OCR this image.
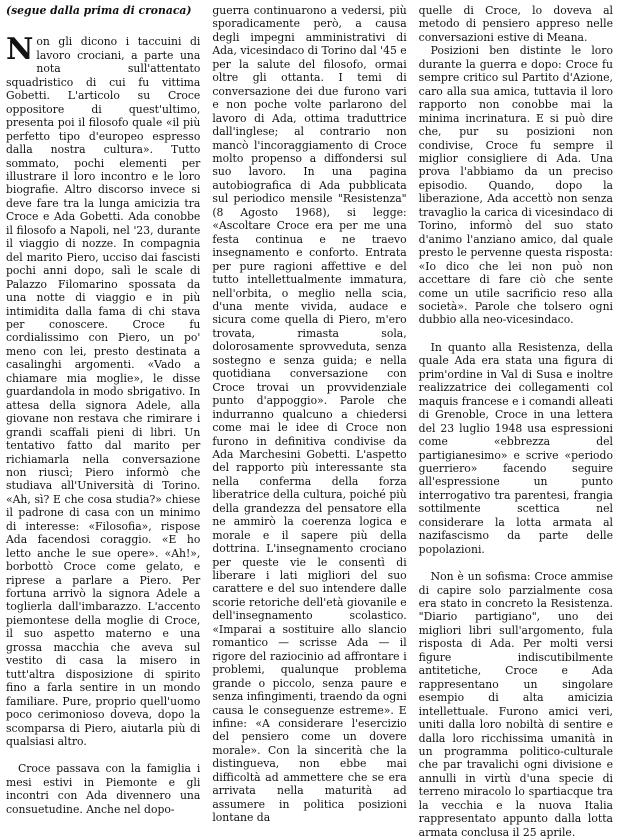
(segue dalla prima di cronaca)

Non gli dicono i taccuini di lavoro crociani, a parte una nota sull'attentato squadristico di cui fu vittima Gobetti. L'articolo su Croce oppositore di quest'ultimo, presenta poi il filosofo quale «il più perfetto tipo d'europeo espresso dalla nostra cultura». Tutto sommato, pochi elementi per illustrare il loro incontro e le loro biografie. Altro discorso invece si deve fare tra la lunga amicizia tra Croce e Ada Gobetti. Ada conobbe il filosofo a Napoli, nel '23, durante il viaggio di nozze. In compagnia del marito Piero, ucciso dai fascisti pochi anni dopo, salì le scale di Palazzo Filomarino spossata da una notte di viaggio e in più intimidita dalla fama di chi stava per conoscere. Croce fu cordialissimo con Piero, un po' meno con lei, presto destinata a casalinghi argomenti. «Vado a chiamare mia moglie», le disse guardandola in modo sbrigativo. In attesa della signora Adele, alla giovane non restava che rimirare i grandi scaffali pieni di libri. Un tentativo fatto dal marito per richiamarla nella conversazione non riuscì; Piero informò che studiava all'Università di Torino. «Ah, sì? E che cosa studia?» chiese il padrone di casa con un minimo di interesse: «Filosofia», rispose Ada facendosi coraggio. «E ho letto anche le sue opere». «Ah!», borbottò Croce come gelato, e riprese a parlare a Piero. Per fortuna arrivò la signora Adele a toglierla dall'imbarazzo. L'accento piemontese della moglie di Croce, il suo aspetto materno e una grossa macchia che aveva sul vestito di casa la misero in tutt'altra disposizione di spirito fino a farla sentire in un mondo familiare. Pure, proprio quell'uomo poco cerimonioso doveva, dopo la scomparsa di Piero, aiutarla più di qualsiasi altro.

Croce passava con la famiglia i mesi estivi in Piemonte e gli incontri con Ada divennero una consuetudine. Anche nel dopo-

guerra continuarono a vedersi, più sporadicamente però, a causa degli impegni amministrativi di Ada, vicesindaco di Torino dal '45 e per la salute del filosofo, ormai oltre gli ottanta. I temi di conversazione dei due furono vari e non poche volte parlarono del lavoro di Ada, ottima traduttrice dall'inglese; al contrario non mancò l'incoraggiamento di Croce molto propenso a diffondersi sul suo lavoro. In una pagina autobiografica di Ada pubblicata sul periodico mensile "Resistenza" (8 Agosto 1968), si legge: «Ascoltare Croce era per me una festa continua e ne traevo insegnamento e conforto. Entrata per pure ragioni affettive e del tutto intellettualmente immatura, nell'orbita, o meglio nella scia, d'una mente vivida, audace e sicura come quella di Piero, m'ero trovata, rimasta sola, dolorosamente sprovveduta, senza sostegno e senza guida; e nella quotidiana conversazione con Croce trovai un provvidenziale punto d'appoggio». Parole che indurranno qualcuno a chiedersi come mai le idee di Croce non furono in definitiva condivise da Ada Marchesini Gobetti. L'aspetto del rapporto più interessante sta nella conferma della forza liberatrice della cultura, poiché più della grandezza del pensatore ella ne ammirò la coerenza logica e morale e il sapere più della dottrina. L'insegnamento crociano per queste vie le consentì di liberare i lati migliori del suo carattere e del suo intendere dalle scorie retoriche dell'età giovanile e dell'insegnamento scolastico. «Imparai a sostituire allo slancio romantico — scrisse Ada — il rigore del raziocinio ad affrontare i problemi, qualunque problema grande o piccolo, senza paure e senza infingimenti, traendo da ogni causa le conseguenze estreme». E infine: «A considerare l'esercizio del pensiero come un dovere morale». Con la sincerità che la distingueva, non ebbe mai difficoltà ad ammettere che se era arrivata nella maturità ad assumere in politica posizioni lontane da

quelle di Croce, lo doveva al metodo di pensiero appreso nelle conversazioni estive di Meana.

Posizioni ben distinte le loro durante la guerra e dopo: Croce fu sempre critico sul Partito d'Azione, caro alla sua amica, tuttavia il loro rapporto non conobbe mai la minima incrinatura. E si può dire che, pur su posizioni non condivise, Croce fu sempre il miglior consigliere di Ada. Una prova l'abbiamo da un preciso episodio. Quando, dopo la liberazione, Ada accettò non senza travaglio la carica di vicesindaco di Torino, informò del suo stato d'animo l'anziano amico, dal quale presto le pervenne questa risposta: «Io dico che lei non può non accettare di fare ciò che sente come un utile sacrificio reso alla società». Parole che tolsero ogni dubbio alla neo-vicesindaco.

In quanto alla Resistenza, della quale Ada era stata una figura di prim'ordine in Val di Susa e inoltre realizzatrice dei collegamenti col maquis francese e i comandi alleati di Grenoble, Croce in una lettera del 23 luglio 1948 usa espressioni come «ebbrezza del partigianesimo» e scrive «periodo guerriero» facendo seguire all'espressione un punto interrogativo tra parentesi, frangia sottilmente scettica nel considerare la lotta armata al nazifascismo da parte delle popolazioni.

Non è un sofisma: Croce ammise di capire solo parzialmente cosa era stato in concreto la Resistenza. "Diario partigiano", uno dei migliori libri sull'argomento, fula risposta di Ada. Per molti versi figure indiscutibilmente antitetiche, Croce e Ada rappresentano un singolare esempio di alta amicizia intellettuale. Furono amici veri, uniti dalla loro nobiltà di sentire e dalla loro ricchissima umanità in un programma politico-culturale che par travalichi ogni divisione e annulli in virtù d'una specie di terreno miracolo lo spartiacque tra la vecchia e la nuova Italia rappresentato appunto dalla lotta armata conclusa il 25 aprile.
